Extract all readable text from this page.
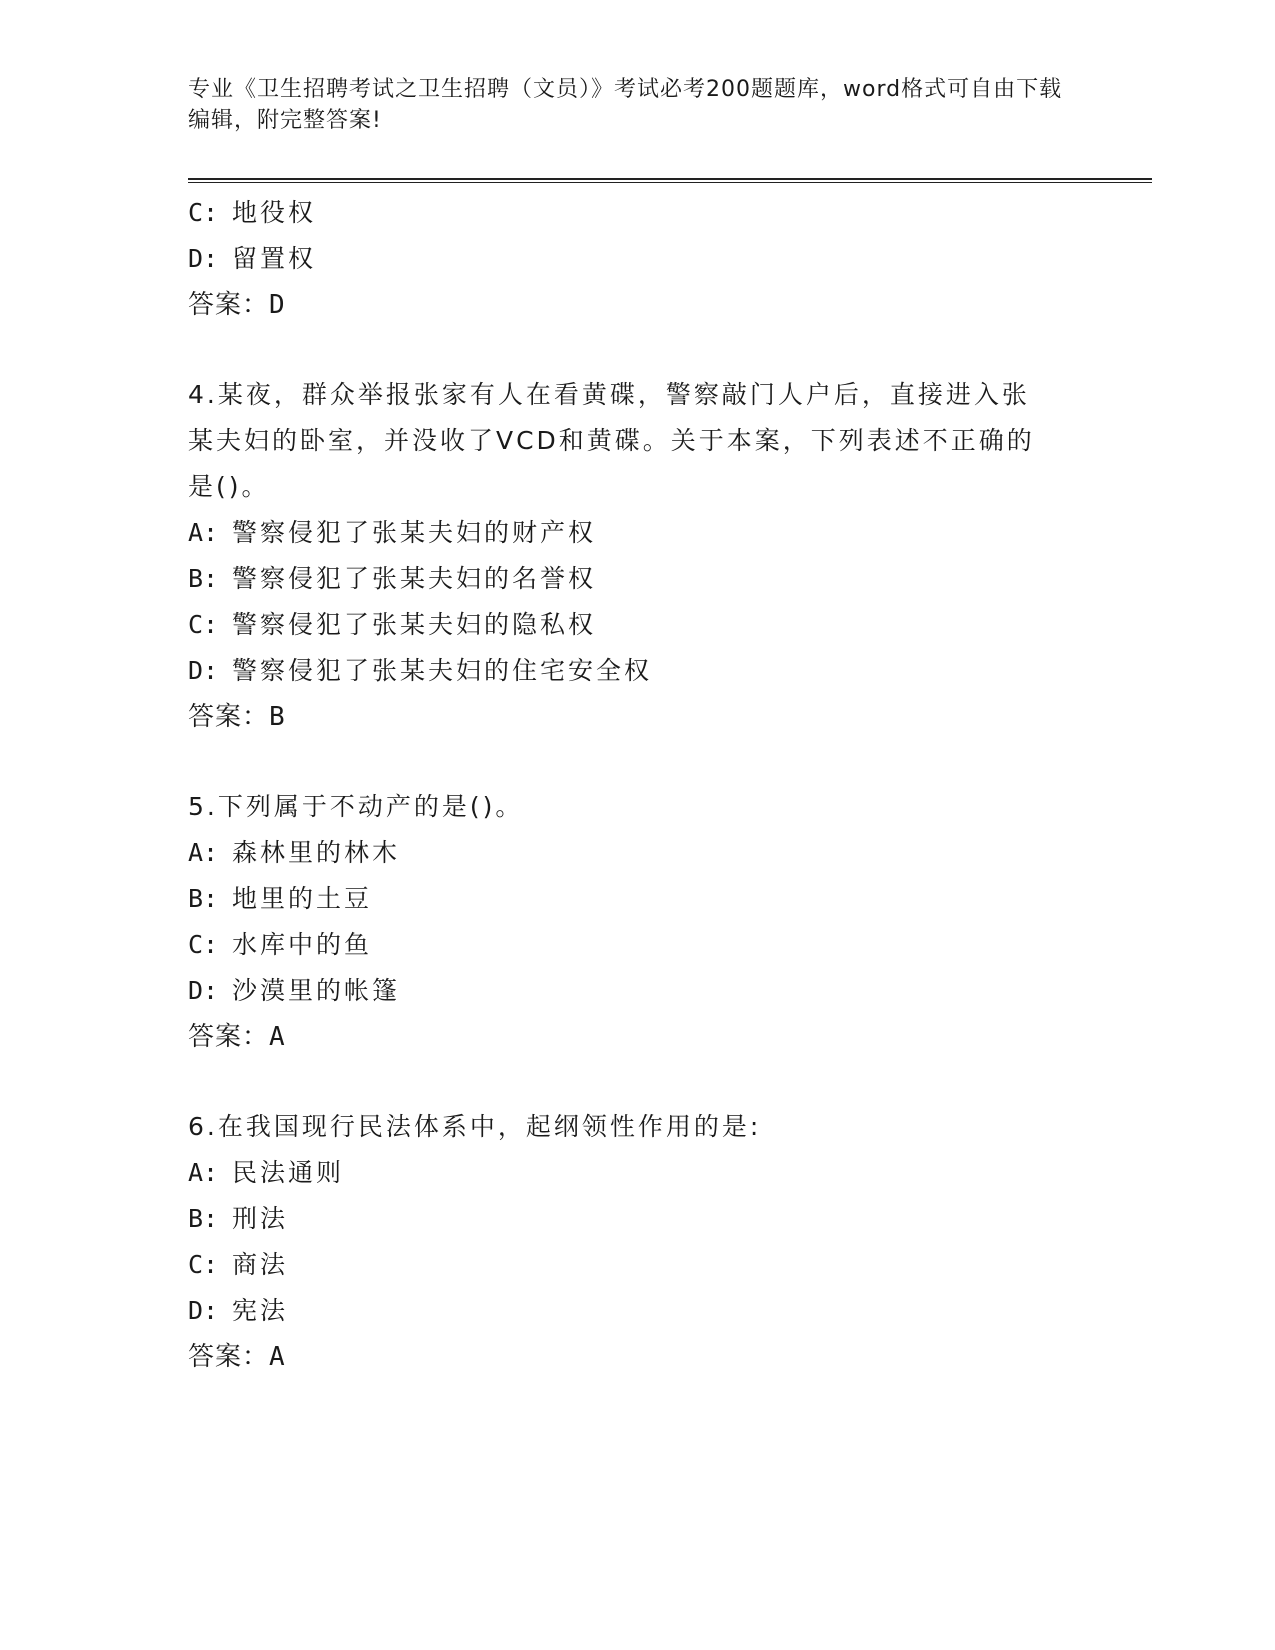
专业《卫生招聘考试之卫生招聘（文员）》考试必考200题题库，word格式可自由下载编辑，附完整答案!
C: 地役权
D: 留置权
答案：D
4.某夜，群众举报张家有人在看黄碟，警察敲门人户后，直接进入张
某夫妇的卧室，并没收了VCD和黄碟。关于本案，下列表述不正确的
是()。
A: 警察侵犯了张某夫妇的财产权
B: 警察侵犯了张某夫妇的名誉权
C: 警察侵犯了张某夫妇的隐私权
D: 警察侵犯了张某夫妇的住宅安全权
答案：B
5.下列属于不动产的是()。
A: 森林里的林木
B: 地里的土豆
C: 水库中的鱼
D: 沙漠里的帐篷
答案：A
6.在我国现行民法体系中，起纲领性作用的是:
A: 民法通则
B: 刑法
C: 商法
D: 宪法
答案：A
